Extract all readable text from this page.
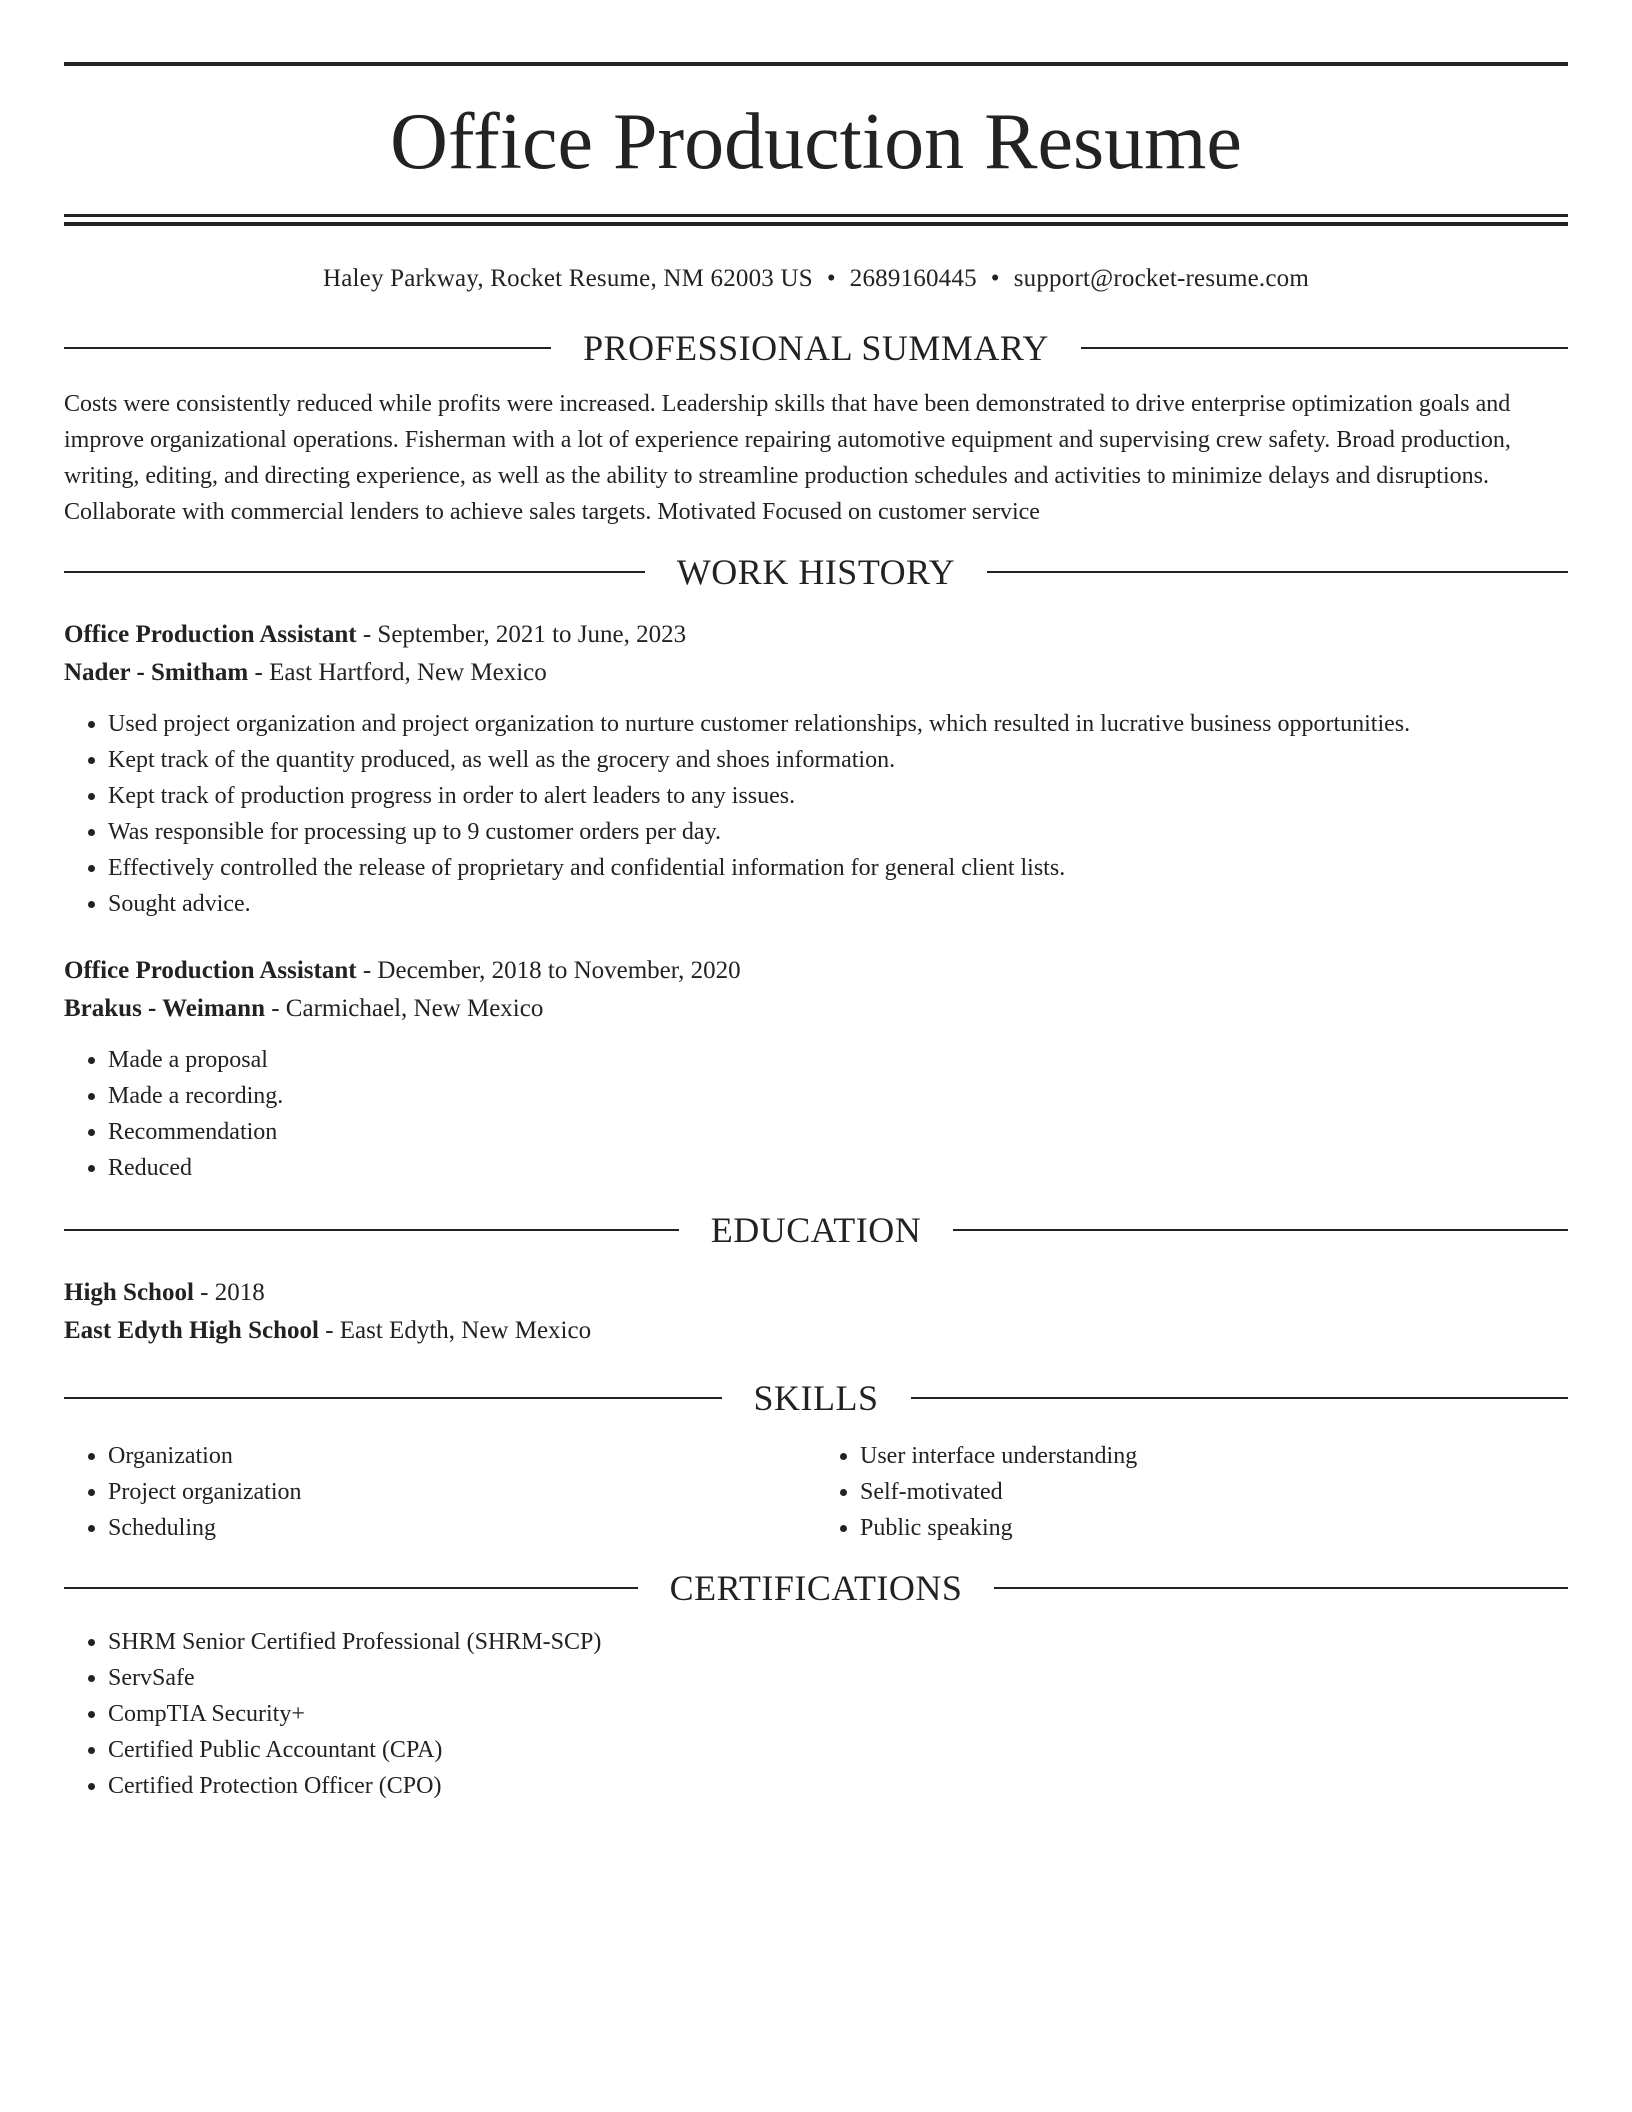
Office Production Resume
Haley Parkway, Rocket Resume, NM 62003 US • 2689160445 • support@rocket-resume.com
PROFESSIONAL SUMMARY
Costs were consistently reduced while profits were increased. Leadership skills that have been demonstrated to drive enterprise optimization goals and improve organizational operations. Fisherman with a lot of experience repairing automotive equipment and supervising crew safety. Broad production, writing, editing, and directing experience, as well as the ability to streamline production schedules and activities to minimize delays and disruptions. Collaborate with commercial lenders to achieve sales targets. Motivated Focused on customer service
WORK HISTORY
Office Production Assistant - September, 2021 to June, 2023
Nader - Smitham - East Hartford, New Mexico
• Used project organization and project organization to nurture customer relationships, which resulted in lucrative business opportunities.
• Kept track of the quantity produced, as well as the grocery and shoes information.
• Kept track of production progress in order to alert leaders to any issues.
• Was responsible for processing up to 9 customer orders per day.
• Effectively controlled the release of proprietary and confidential information for general client lists.
• Sought advice.
Office Production Assistant - December, 2018 to November, 2020
Brakus - Weimann - Carmichael, New Mexico
• Made a proposal
• Made a recording.
• Recommendation
• Reduced
EDUCATION
High School - 2018
East Edyth High School - East Edyth, New Mexico
SKILLS
• Organization
• Project organization
• Scheduling
• User interface understanding
• Self-motivated
• Public speaking
CERTIFICATIONS
• SHRM Senior Certified Professional (SHRM-SCP)
• ServSafe
• CompTIA Security+
• Certified Public Accountant (CPA)
• Certified Protection Officer (CPO)
